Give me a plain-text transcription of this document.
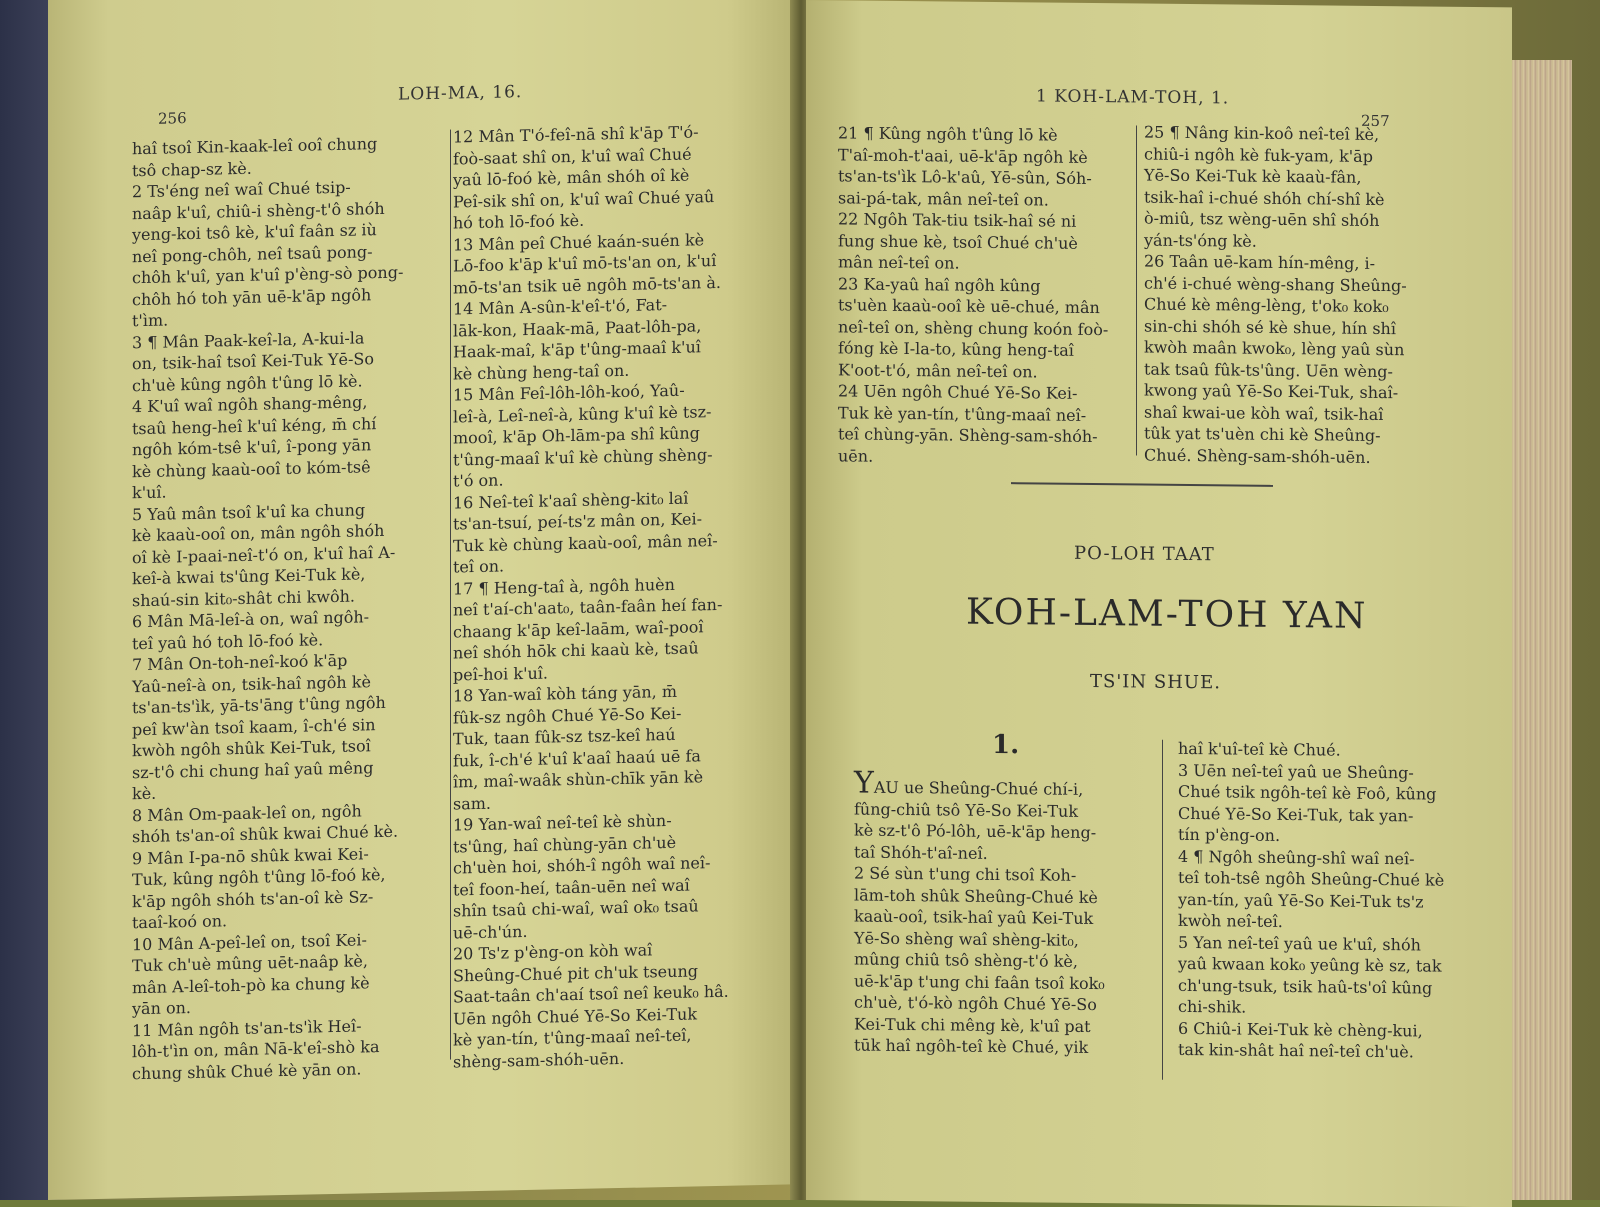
256
LOH-MA, 16.

haî tsoî Kin-kaak-leî ooî chung

tsô chap-sz kè.

2 Ts'éng neî waî Chué tsip-

naâp k'uî, chiû-i shèng-t'ô shóh

yeng-koi tsô kè, k'uî faân sz iù

neî pong-chôh, neî tsaû pong-

chôh k'uî, yan k'uî p'èng-sò pong-

chôh hó toh yān uē-k'āp ngôh

t'ìm.

3 ¶ Mân Paak-keî-la, A-kui-la

on, tsik-haî tsoî Kei-Tuk Yē-So

ch'uè kûng ngôh t'ûng lō kè.

4 K'uî waî ngôh shang-mêng,

tsaû heng-heî k'uî kéng, m̄ chí

ngôh kóm-tsê k'uî, î-pong yān

kè chùng kaaù-ooî to kóm-tsê

k'uî.

5 Yaû mân tsoî k'uî ka chung

kè kaaù-ooî on, mân ngôh shóh

oî kè I-paai-neî-t'ó on, k'uî haî A-

keî-à kwai ts'ûng Kei-Tuk kè,

shaú-sin kit₀-shât chi kwôh.

6 Mân Mā-leî-à on, waî ngôh-

teî yaû hó toh lō-foó kè.

7 Mân On-toh-neî-koó k'āp

Yaû-neî-à on, tsik-haî ngôh kè

ts'an-ts'ìk, yā-ts'āng t'ûng ngôh

peî kw'àn tsoî kaam, î-ch'é sin

kwòh ngôh shûk Kei-Tuk, tsoî

sz-t'ô chi chung haî yaû mêng

kè.

8 Mân Om-paak-leî on, ngôh

shóh ts'an-oî shûk kwai Chué kè.

9 Mân I-pa-nō shûk kwai Kei-

Tuk, kûng ngôh t'ûng lō-foó kè,

k'āp ngôh shóh ts'an-oî kè Sz-

taaî-koó on.

10 Mân A-peî-leî on, tsoî Kei-

Tuk ch'uè mûng uēt-naâp kè,

mân A-leî-toh-pò ka chung kè

yān on.

11 Mân ngôh ts'an-ts'ìk Heî-

lôh-t'ìn on, mân Nā-k'eî-shò ka

chung shûk Chué kè yān on.

12 Mân T'ó-feî-nā shî k'āp T'ó-

foò-saat shî on, k'uî waî Chué

yaû lō-foó kè, mân shóh oî kè

Peî-sik shî on, k'uî waî Chué yaû

hó toh lō-foó kè.

13 Mân peî Chué kaán-suén kè

Lō-foo k'āp k'uî mō-ts'an on, k'uî

mō-ts'an tsik uē ngôh mō-ts'an à.

14 Mân A-sûn-k'eî-t'ó, Fat-

lāk-kon, Haak-mā, Paat-lôh-pa,

Haak-maî, k'āp t'ûng-maaî k'uî

kè chùng heng-taî on.

15 Mân Feî-lôh-lôh-koó, Yaû-

leî-à, Leî-neî-à, kûng k'uî kè tsz-

mooî, k'āp Oh-lām-pa shî kûng

t'ûng-maaî k'uî kè chùng shèng-

t'ó on.

16 Neî-teî k'aaî shèng-kit₀ laî

ts'an-tsuí, peí-ts'z mân on, Kei-

Tuk kè chùng kaaù-ooî, mân neî-

teî on.

17 ¶ Heng-taî à, ngôh huèn

neî t'aí-ch'aat₀, taân-faân heí fan-

chaang k'āp keî-laām, waî-pooî

neî shóh hōk chi kaaù kè, tsaû

peî-hoi k'uî.

18 Yan-waî kòh táng yān, m̄

fûk-sz ngôh Chué Yē-So Kei-

Tuk, taan fûk-sz tsz-keî haú

fuk, î-ch'é k'uî k'aaî haaú uē fa

îm, maî-waâk shùn-chīk yān kè

sam.

19 Yan-waî neî-teî kè shùn-

ts'ûng, haî chùng-yān ch'uè

ch'uèn hoi, shóh-î ngôh waî neî-

teî foon-heí, taân-uēn neî waî

shîn tsaû chi-waî, waî ok₀ tsaû

uē-ch'ún.

20 Ts'z p'èng-on kòh waî

Sheûng-Chué pit ch'uk tseung

Saat-taân ch'aaí tsoî neî keuk₀ hâ.

Uēn ngôh Chué Yē-So Kei-Tuk

kè yan-tín, t'ûng-maaî neî-teî,

shèng-sam-shóh-uēn.

1 KOH-LAM-TOH, 1.
257

21 ¶ Kûng ngôh t'ûng lō kè

T'aî-moh-t'aai, uē-k'āp ngôh kè

ts'an-ts'ìk Lô-k'aû, Yē-sûn, Sóh-

sai-pá-tak, mân neî-teî on.

22 Ngôh Tak-tiu tsik-haî sé ni

fung shue kè, tsoî Chué ch'uè

mân neî-teî on.

23 Ka-yaû haî ngôh kûng

ts'uèn kaaù-ooî kè uē-chué, mân

neî-teî on, shèng chung koón foò-

fóng kè I-la-to, kûng heng-taî

K'oot-t'ó, mân neî-teî on.

24 Uēn ngôh Chué Yē-So Kei-

Tuk kè yan-tín, t'ûng-maaî neî-

teî chùng-yān. Shèng-sam-shóh-

uēn.

25 ¶ Nâng kin-koô neî-teî kè,

chiû-i ngôh kè fuk-yam, k'āp

Yē-So Kei-Tuk kè kaaù-fân,

tsik-haî i-chué shóh chí-shî kè

ò-miû, tsz wèng-uēn shî shóh

yán-ts'óng kè.

26 Taân uē-kam hín-mêng, i-

ch'é i-chué wèng-shang Sheûng-

Chué kè mêng-lèng, t'ok₀ kok₀

sin-chi shóh sé kè shue, hín shî

kwòh maân kwok₀, lèng yaû sùn

tak tsaû fûk-ts'ûng. Uēn wèng-

kwong yaû Yē-So Kei-Tuk, shaî-

shaî kwai-ue kòh waî, tsik-haî

tûk yat ts'uèn chi kè Sheûng-

Chué. Shèng-sam-shóh-uēn.

PO-LOH TAAT
KOH-LAM-TOH YAN
TS'IN SHUE.
1.

YAU ue Sheûng-Chué chí-i,

fûng-chiû tsô Yē-So Kei-Tuk

kè sz-t'ô Pó-lôh, uē-k'āp heng-

taî Shóh-t'aî-neî.

2 Sé sùn t'ung chi tsoî Koh-

lām-toh shûk Sheûng-Chué kè

kaaù-ooî, tsik-haî yaû Kei-Tuk

Yē-So shèng waî shèng-kit₀,

mûng chiû tsô shèng-t'ó kè,

uē-k'āp t'ung chi faân tsoî kok₀

ch'uè, t'ó-kò ngôh Chué Yē-So

Kei-Tuk chi mêng kè, k'uî pat

tūk haî ngôh-teî kè Chué, yik

haî k'uî-teî kè Chué.

3 Uēn neî-teî yaû ue Sheûng-

Chué tsik ngôh-teî kè Foô, kûng

Chué Yē-So Kei-Tuk, tak yan-

tín p'èng-on.

4 ¶ Ngôh sheûng-shî waî neî-

teî toh-tsê ngôh Sheûng-Chué kè

yan-tín, yaû Yē-So Kei-Tuk ts'z

kwòh neî-teî.

5 Yan neî-teî yaû ue k'uî, shóh

yaû kwaan kok₀ yeûng kè sz, tak

ch'ung-tsuk, tsik haû-ts'oî kûng

chi-shik.

6 Chiû-i Kei-Tuk kè chèng-kui,

tak kin-shât haî neî-teî ch'uè.
